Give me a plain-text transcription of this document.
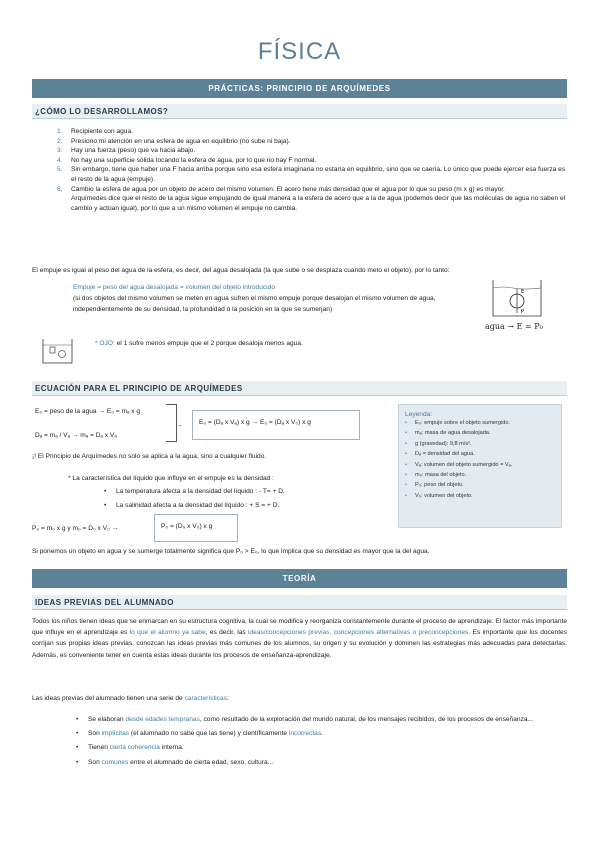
FÍSICA
PRÁCTICAS: PRINCIPIO DE ARQUÍMEDES
¿CÓMO LO DESARROLLAMOS?
1. Recipiente con agua.
2. Presiono mi atención en una esfera de agua en equilibrio (no sube ni baja).
3. Hay una fuerza (peso) que va hacia abajo.
4. No hay una superficie sólida tocando la esfera de agua, por lo que no hay F normal.
5. Sin embargo, tiene que haber una F hacia arriba porque sino esa esfera imaginaria no estaría en equilibrio, sino que se caería. Lo único que puede ejercer esa fuerza es el resto de la agua (empuje).
6. Cambio la esfera de agua por un objeto de acero del mismo volumen. El acero tiene más densidad que el agua por lo que su peso (m x g) es mayor.
Arquímedes dice que el resto de la agua sigue empujando de igual manera a la esfera de acero que a la de agua (podemos decir que las moléculas de agua no saben el cambio y actúan igual), por lo que a un mismo volumen el empuje no cambia.
El empuje es igual al peso del agua de la esfera, es decir, del agua desalojada (la que sube o se desplaza cuando meto el objeto), por lo tanto:
Empuje = peso del agua desalojada = volumen del objeto introducido
(si dos objetos del mismo volumen se meten en agua sufren el mismo empuje porque desalojan el mismo volumen de agua, independientemente de su densidad, la profundidad o la posición en la que se sumerjan)
E
P
agua → E = P₀
* OJO: el 1 sufre menos empuje que el 2 porque desaloja menos agua.
ECUACIÓN PARA EL PRINCIPIO DE ARQUÍMEDES
E₀ = peso de la agua → E₀ = mₐ x g
Dₐ = mₐ / Vₐ → mₐ = Dₐ x Vₐ
→	E₀ = (Dₐ x Vₐ) x g → E₀ = (Dₐ x V₀) x g
¡! El Principio de Arquímedes no solo se aplica a la agua, sino a cualquier fluido.
* La característica del líquido que influye en el empuje es la densidad :
• La temperatura afecta a la densidad del líquido : - T= + D.
• La salinidad afecta a la densidad del líquido : + S = + D.
P₀ = m₀ x g y m₀ = D₀ x V₀ →	P₀ = (D₀ x V₀) x g
Leyenda:
• E₀: empuje sobre el objeto sumergido.
• mₐ: masa de agua desalojada.
• g (gravedad): 9,8 m/s².
• Dₐ = densidad del agua.
• Vₐ: volumen del objeto sumergido = Vₐ.
• m₀: masa del objeto.
• P₀: peso del objeto.
• V₀: volumen del objeto.
Si ponemos un objeto en agua y se sumerge totalmente significa que P₀ > E₀, lo que implica que su densidad es mayor que la del agua.
TEORÍA
IDEAS PREVIAS DEL ALUMNADO
Todos los niños tienen ideas que se enmarcan en su estructura cognitiva, la cual se modifica y reorganiza constantemente durante el proceso de aprendizaje. El factor más importante que influye en el aprendizaje es lo que el alumno ya sabe, es decir, las ideas/concepciones previas, concepciones alternativas o preconcepciones. Es importante que los docentes corrijan sus propias ideas previas, conozcan las ideas previas más comunes de los alumnos, su origen y su evolución y dominen las estrategias más adecuadas para detectarlas. Además, es conveniente tener en cuenta estas ideas durante los procesos de enseñanza-aprendizaje.
Las ideas previas del alumnado tienen una serie de características:
• Se elaboran desde edades tempranas, como resultado de la exploración del mundo natural, de los mensajes recibidos, de los procesos de enseñanza...
• Son implícitas (el alumnado no sabe que las tiene) y científicamente incorrectas.
• Tienen cierta coherencia interna.
• Son comunes entre el alumnado de cierta edad, sexo, cultura...
